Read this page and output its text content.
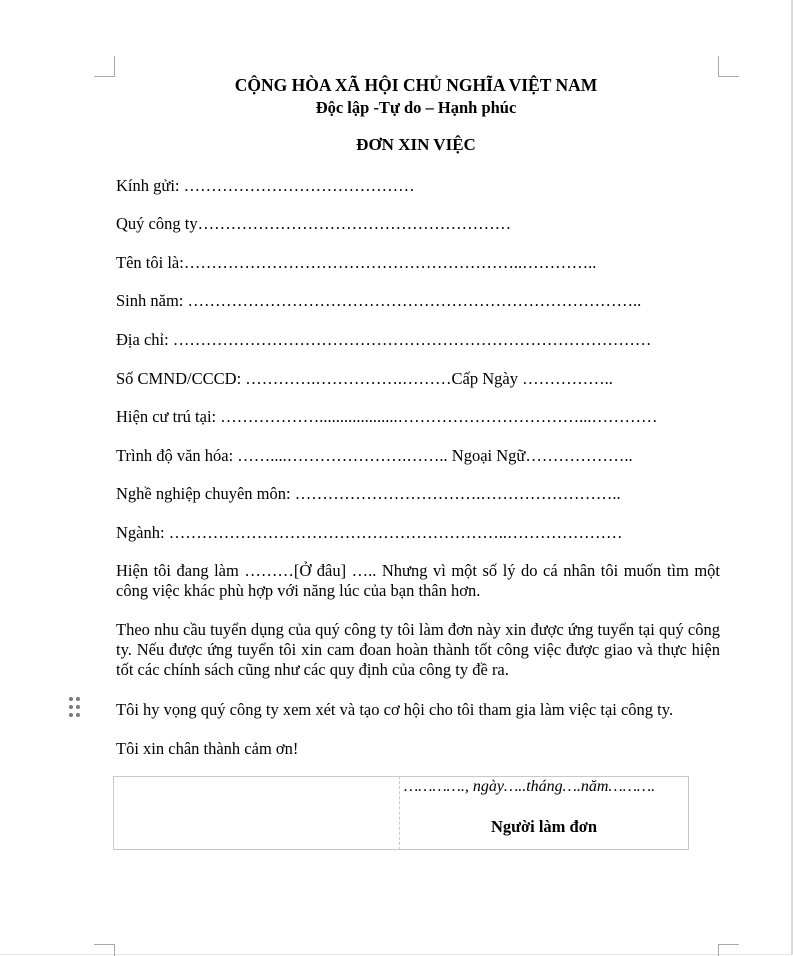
CỘNG HÒA XÃ HỘI CHỦ NGHĨA VIỆT NAM
Độc lập -Tự do – Hạnh phúc
ĐƠN XIN VIỆC
Kính gửi: ……………………………………
Quý công ty…………………………………………………
Tên tôi là:……………………………………………………..…………..
Sinh năm: ………………………………………………………………………..
Địa chỉ: ……………………………………………………………………………
Số CMND/CCCD: ………….…………….………Cấp Ngày ……………..
Hiện cư trú tại: ………………...................……………………………...…………
Trình độ văn hóa: ……....………………….…….. Ngoại Ngữ………………..
Nghề nghiệp chuyên môn: …………………………….……………………..
Ngành: ……………………………………………………..…………………
Hiện tôi đang làm ………[Ở đâu] ….. Nhưng vì một số lý do cá nhân tôi muốn tìm một công việc khác phù hợp với năng lúc của bạn thân hơn.
Theo nhu cầu tuyển dụng của quý công ty tôi làm đơn này xin được ứng tuyển tại quý công ty. Nếu được ứng tuyển tôi xin cam đoan hoàn thành tốt công việc được giao và thực hiện tốt các chính sách cũng như các quy định của công ty đề ra.
Tôi hy vọng quý công ty xem xét và tạo cơ hội cho tôi tham gia làm việc tại công ty.
Tôi xin chân thành cảm ơn!
…………., ngày…..tháng….năm……….
Người làm đơn
